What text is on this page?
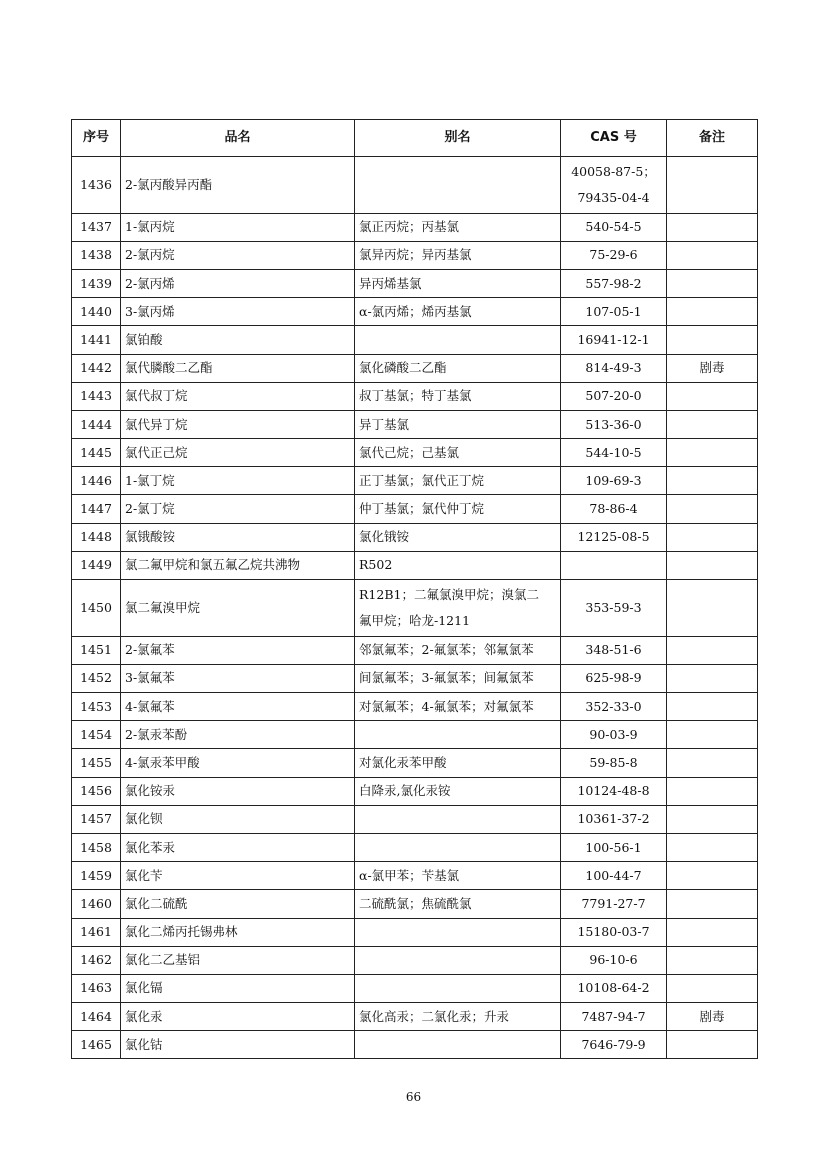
序号	品名	别名	CAS 号	备注
1436	2-氯丙酸异丙酯		40058-87-5；
79435-04-4	

1437	1-氯丙烷	氯正丙烷；丙基氯	540-54-5	
1438	2-氯丙烷	氯异丙烷；异丙基氯	75-29-6	
1439	2-氯丙烯	异丙烯基氯	557-98-2	
1440	3-氯丙烯	α-氯丙烯；烯丙基氯	107-05-1	
1441	氯铂酸		16941-12-1	
1442	氯代膦酸二乙酯	氯化磷酸二乙酯	814-49-3	剧毒
1443	氯代叔丁烷	叔丁基氯；特丁基氯	507-20-0	
1444	氯代异丁烷	异丁基氯	513-36-0	
1445	氯代正己烷	氯代己烷；己基氯	544-10-5	
1446	1-氯丁烷	正丁基氯；氯代正丁烷	109-69-3	
1447	2-氯丁烷	仲丁基氯；氯代仲丁烷	78-86-4	
1448	氯锇酸铵	氯化锇铵	12125-08-5	
1449	氯二氟甲烷和氯五氟乙烷共沸物	R502		
1450	氯二氟溴甲烷	R12B1；二氟氯溴甲烷；溴氯二
氟甲烷；哈龙-1211	353-59-3	
1451	2-氯氟苯	邻氯氟苯；2-氟氯苯；邻氟氯苯	348-51-6	
1452	3-氯氟苯	间氯氟苯；3-氟氯苯；间氟氯苯	625-98-9	
1453	4-氯氟苯	对氯氟苯；4-氟氯苯；对氟氯苯	352-33-0	
1454	2-氯汞苯酚		90-03-9	
1455	4-氯汞苯甲酸	对氯化汞苯甲酸	59-85-8	
1456	氯化铵汞	白降汞,氯化汞铵	10124-48-8	
1457	氯化钡		10361-37-2	
1458	氯化苯汞		100-56-1	
1459	氯化苄	α-氯甲苯；苄基氯	100-44-7	
1460	氯化二硫酰	二硫酰氯；焦硫酰氯	7791-27-7	
1461	氯化二烯丙托锡弗林		15180-03-7	
1462	氯化二乙基铝		96-10-6	
1463	氯化镉		10108-64-2	
1464	氯化汞	氯化高汞；二氯化汞；升汞	7487-94-7	剧毒
1465	氯化钴		7646-79-9	
66
